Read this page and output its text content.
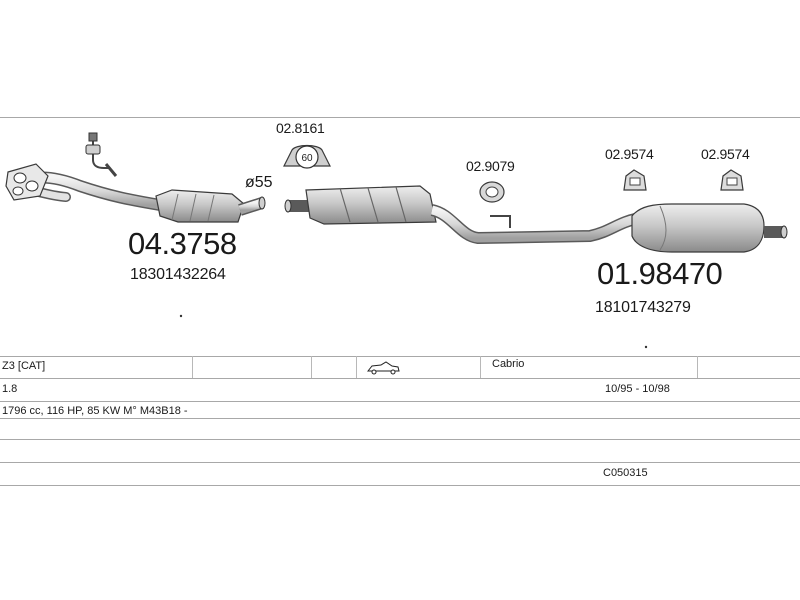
60
02.8161
02.9079
02.9574	02.9574
ø55
04.3758
18301432264	01.98470
18101743279
Z3 [CAT]	Cabrio
1.8	10/95 - 10/98
1796 cc, 116 HP, 85 KW M° M43B18 -
C050315
